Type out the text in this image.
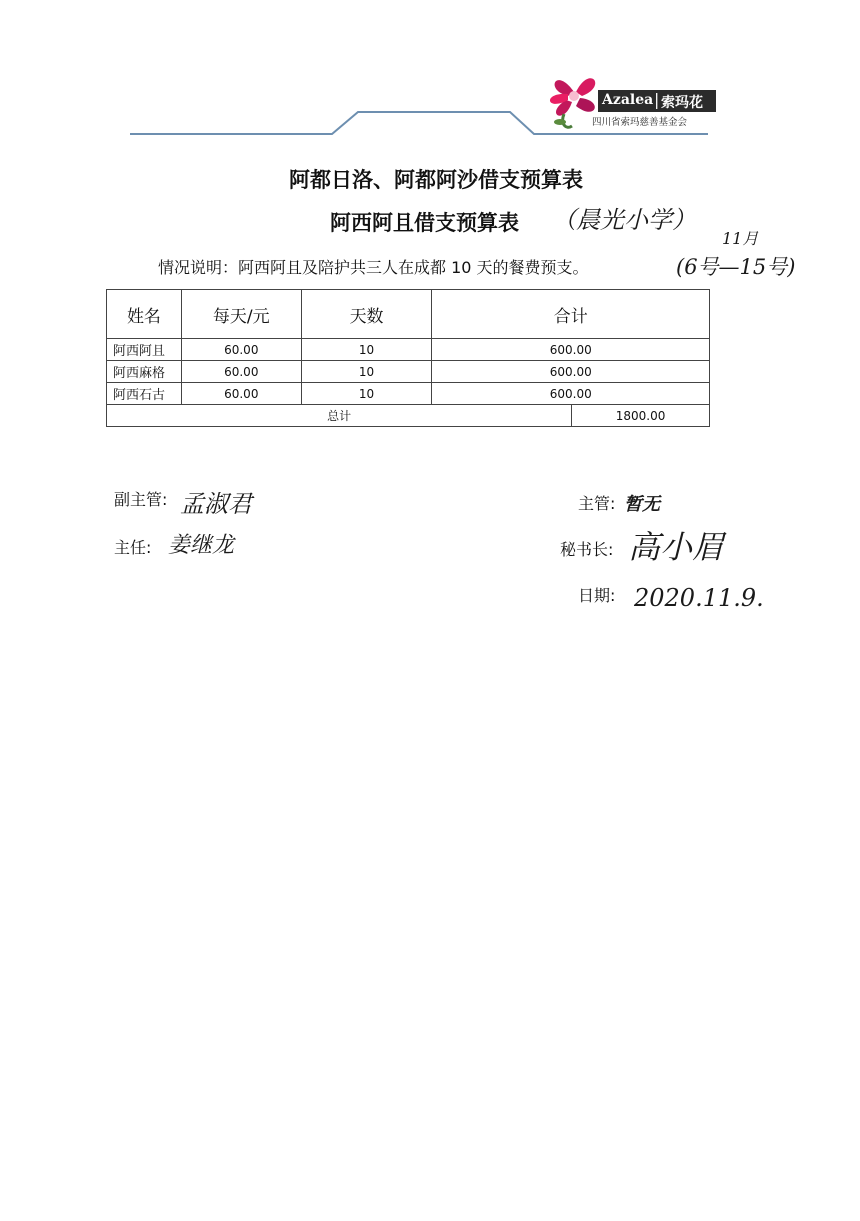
Azalea | 索玛花
四川省索玛慈善基金会
阿都日洛、阿都阿沙借支预算表
阿西阿且借支预算表 （晨光小学）
11月
情况说明：阿西阿且及陪护共三人在成都 10 天的餐费预支。	(6号—15号)
姓名	每天/元	天数	合计	
阿西阿且	60.00	10	600.00	
阿西麻格	60.00	10	600.00	
阿西石古	60.00	10	600.00	
总计				1800.00
副主管: 孟淑君	主管: 暂无
主任: 姜继龙	秘书长: 高小眉
日期: 2020.11.9.
